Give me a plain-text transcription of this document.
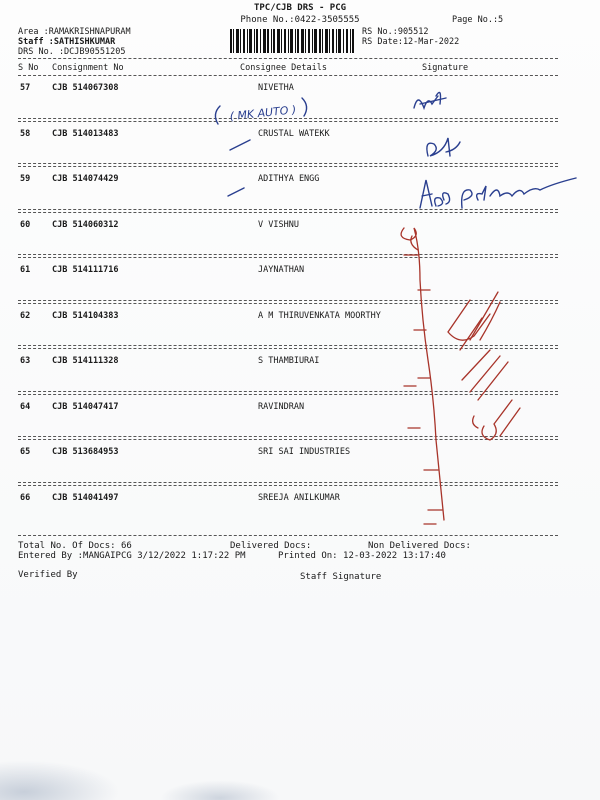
TPC/CJB DRS - PCG
Phone No.:0422-3505555	Page No.:5
Area :RAMAKRISHNAPURAM
Staff :SATHISHKUMAR
DRS No. :DCJB90551205
RS No.:905512
RS Date:12-Mar-2022
S No Consignment No	Consignee Details	Signature
57	CJB 514067308	NIVETHA
58	CJB 514013483	CRUSTAL WATEKK
59	CJB 514074429	ADITHYA ENGG
60	CJB 514060312	V VISHNU
61	CJB 514111716	JAYNATHAN
62	CJB 514104383	A M THIRUVENKATA MOORTHY
63	CJB 514111328	S THAMBIURAI
64	CJB 514047417	RAVINDRAN
65	CJB 513684953	SRI SAI INDUSTRIES
66	CJB 514041497	SREEJA ANILKUMAR
( MK AUTO )
Total No. Of Docs: 66	Delivered Docs:	Non Delivered Docs:
Entered By :MANGAIPCG 3/12/2022 1:17:22 PM	Printed On: 12-03-2022 13:17:40
Verified By	Staff Signature
